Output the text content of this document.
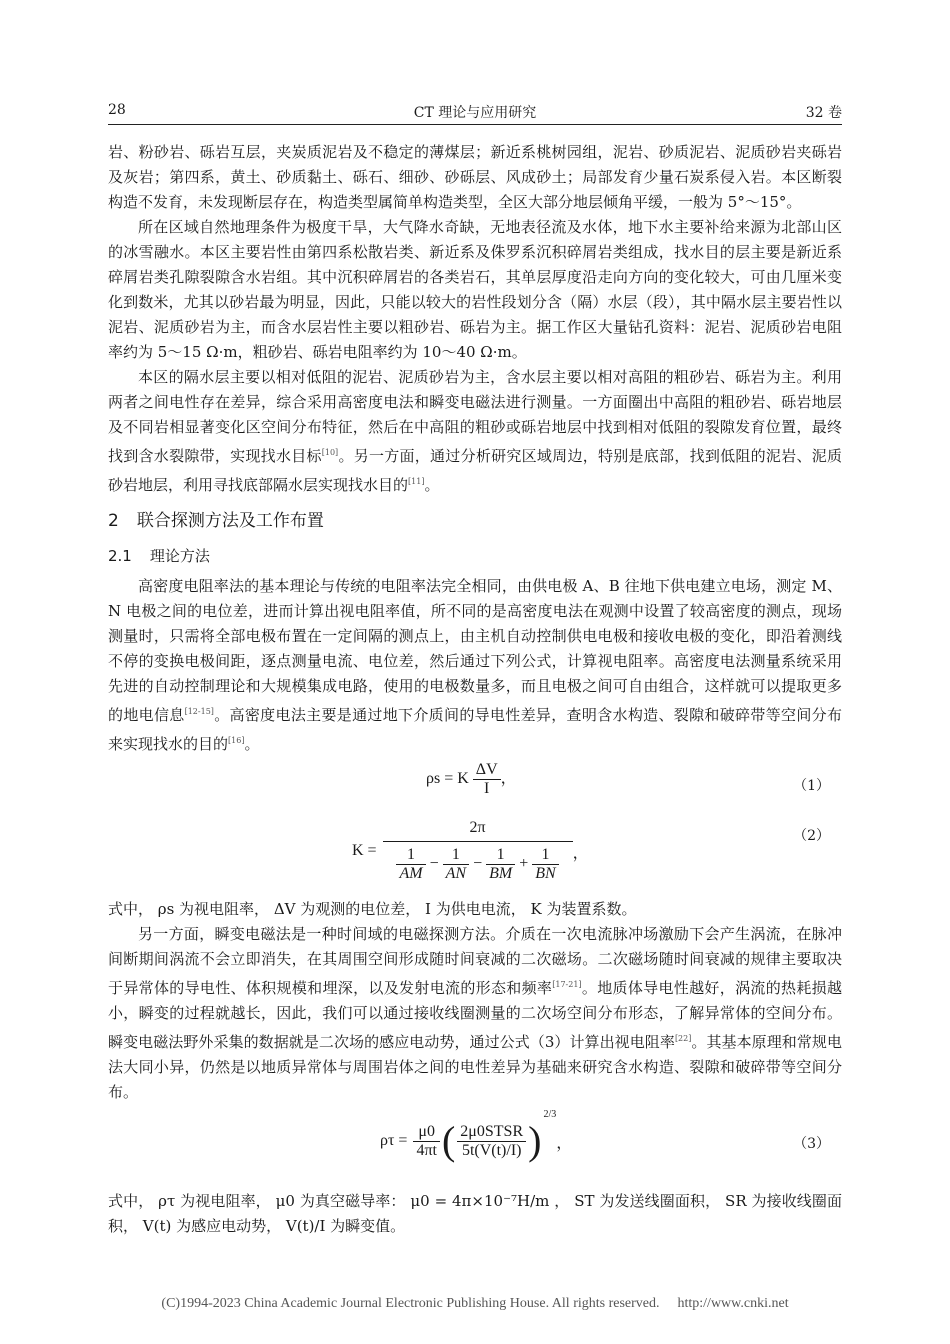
28	CT 理论与应用研究	32 卷

岩、粉砂岩、砾岩互层，夹炭质泥岩及不稳定的薄煤层；新近系桃树园组，泥岩、砂质泥岩、泥质砂岩夹砾岩及灰岩；第四系，黄土、砂质黏土、砾石、细砂、砂砾层、风成砂土；局部发育少量石炭系侵入岩。本区断裂构造不发育，未发现断层存在，构造类型属简单构造类型，全区大部分地层倾角平缓，一般为 5°～15°。

所在区域自然地理条件为极度干旱，大气降水奇缺，无地表径流及水体，地下水主要补给来源为北部山区的冰雪融水。本区主要岩性由第四系松散岩类、新近系及侏罗系沉积碎屑岩类组成，找水目的层主要是新近系碎屑岩类孔隙裂隙含水岩组。其中沉积碎屑岩的各类岩石，其单层厚度沿走向方向的变化较大，可由几厘米变化到数米，尤其以砂岩最为明显，因此，只能以较大的岩性段划分含（隔）水层（段），其中隔水层主要岩性以泥岩、泥质砂岩为主，而含水层岩性主要以粗砂岩、砾岩为主。据工作区大量钻孔资料：泥岩、泥质砂岩电阻率约为 5～15 Ω·m，粗砂岩、砾岩电阻率约为 10～40 Ω·m。

本区的隔水层主要以相对低阻的泥岩、泥质砂岩为主，含水层主要以相对高阻的粗砂岩、砾岩为主。利用两者之间电性存在差异，综合采用高密度电法和瞬变电磁法进行测量。一方面圈出中高阻的粗砂岩、砾岩地层及不同岩相显著变化区空间分布特征，然后在中高阻的粗砂或砾岩地层中找到相对低阻的裂隙发育位置，最终找到含水裂隙带，实现找水目标[10]。另一方面，通过分析研究区域周边，特别是底部，找到低阻的泥岩、泥质砂岩地层，利用寻找底部隔水层实现找水目的[11]。

2 联合探测方法及工作布置
2.1 理论方法

高密度电阻率法的基本理论与传统的电阻率法完全相同，由供电极 A、B 往地下供电建立电场，测定 M、N 电极之间的电位差，进而计算出视电阻率值，所不同的是高密度电法在观测中设置了较高密度的测点，现场测量时，只需将全部电极布置在一定间隔的测点上，由主机自动控制供电电极和接收电极的变化，即沿着测线不停的变换电极间距，逐点测量电流、电位差，然后通过下列公式，计算视电阻率。高密度电法测量系统采用先进的自动控制理论和大规模集成电路，使用的电极数量多，而且电极之间可自由组合，这样就可以提取更多的地电信息[12-15]。高密度电法主要是通过地下介质间的导电性差异，查明含水构造、裂隙和破碎带等空间分布来实现找水的目的[16]。

ρs = K $\frac{\Delta V}{I}$ ，	（1）
K =
2π
$\frac{1}{AM} - \frac{1}{AN} - \frac{1}{BM} + \frac{1}{BN}$ ，
（2）

式中， ρs 为视电阻率， ΔV 为观测的电位差， I 为供电电流， K 为装置系数。

另一方面，瞬变电磁法是一种时间域的电磁探测方法。介质在一次电流脉冲场激励下会产生涡流，在脉冲间断期间涡流不会立即消失，在其周围空间形成随时间衰减的二次磁场。二次磁场随时间衰减的规律主要取决于异常体的导电性、体积规模和埋深，以及发射电流的形态和频率[17-21]。地质体导电性越好，涡流的热耗损越小，瞬变的过程就越长，因此，我们可以通过接收线圈测量的二次场空间分布形态，了解异常体的空间分布。瞬变电磁法野外采集的数据就是二次场的感应电动势，通过公式（3）计算出视电阻率[22]。其基本原理和常规电法大同小异，仍然是以地质异常体与周围岩体之间的电性差异为基础来研究含水构造、裂隙和破碎带等空间分布。

$\rho\tau = \frac{\mu 0}{4\pi t}$ ( $\frac{\text{2μ0STSR}}{5t(V(t)/I)}$ )
2/3
，	（3）

式中， ρτ 为视电阻率， μ0 为真空磁导率： μ0 = 4π×10⁻⁷H/m ， ST 为发送线圈面积， SR 为接收线圈面积， V(t) 为感应电动势， V(t)/I 为瞬变值。

(C)1994-2023 China Academic Journal Electronic Publishing House. All rights reserved. http://www.cnki.net
